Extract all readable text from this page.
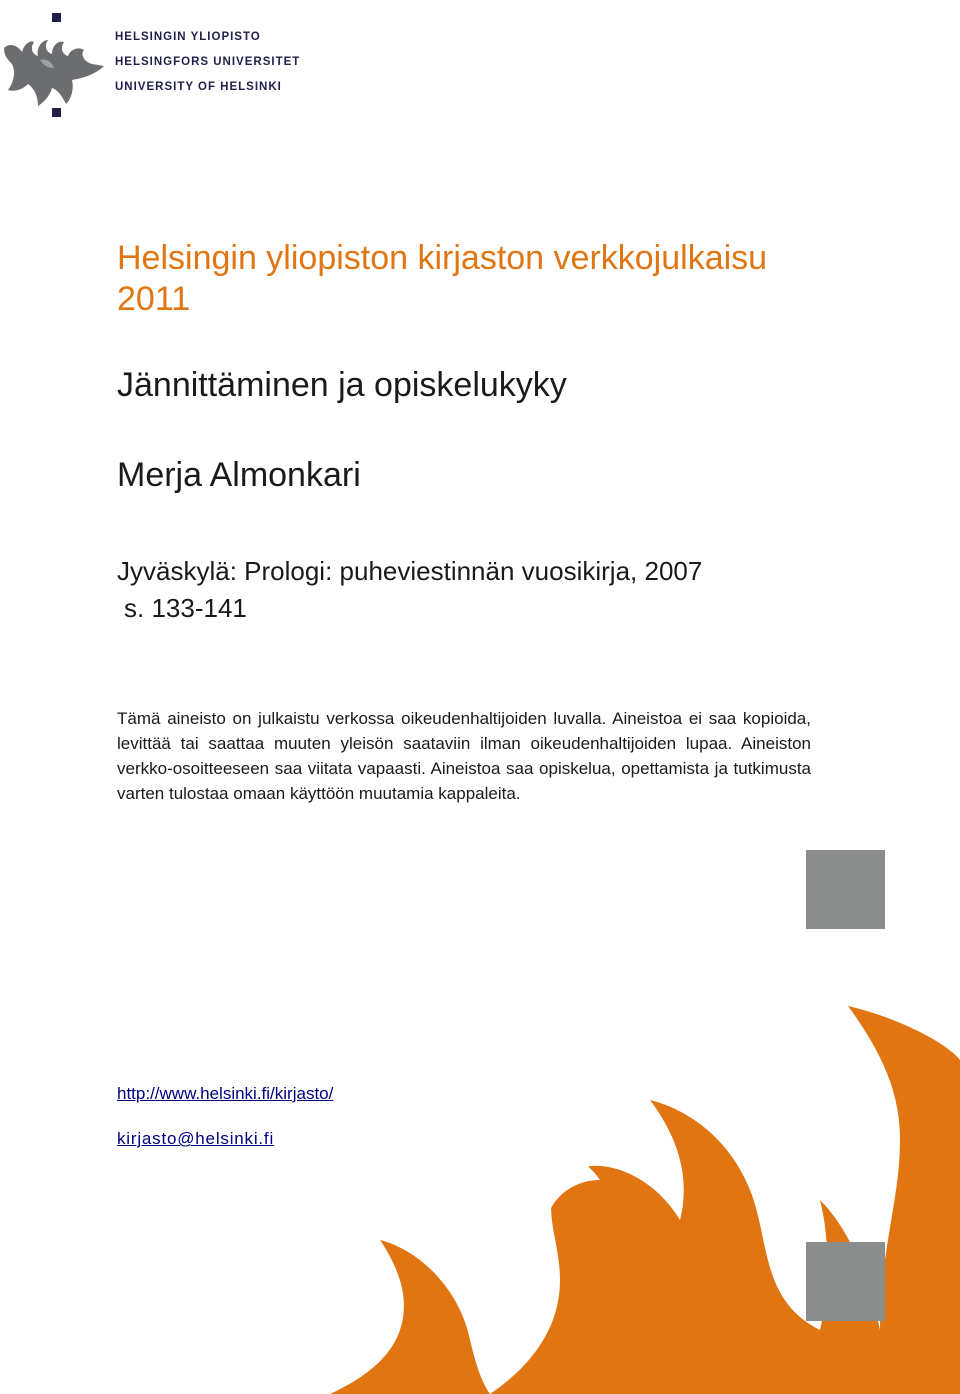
HELSINGIN YLIOPISTO
HELSINGFORS UNIVERSITET
UNIVERSITY OF HELSINKI
Helsingin yliopiston kirjaston verkkojulkaisu
2011
Jännittäminen ja opiskelukyky
Merja Almonkari
Jyväskylä: Prologi: puheviestinnän vuosikirja, 2007
s. 133-141
Tämä aineisto on julkaistu verkossa oikeudenhaltijoiden luvalla. Aineistoa ei saa kopioida, levittää tai saattaa muuten yleisön saataviin ilman oikeudenhaltijoiden lupaa. Aineiston verkko-osoitteeseen saa viitata vapaasti. Aineistoa saa opiskelua, opettamista ja tutkimusta varten tulostaa omaan käyttöön muutamia kappaleita.
http://www.helsinki.fi/kirjasto/
kirjasto@helsinki.fi
